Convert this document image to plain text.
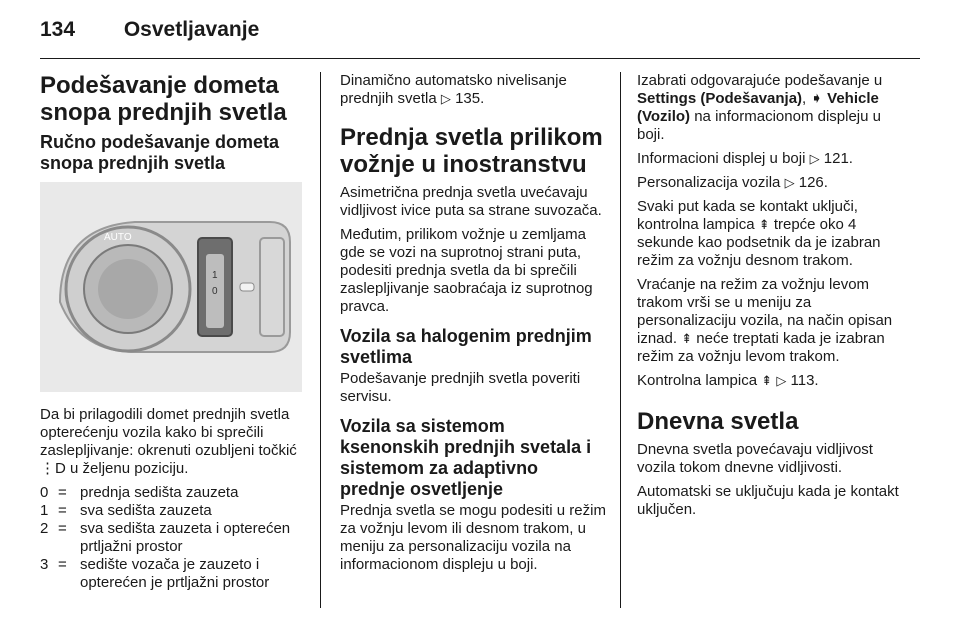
134 Osvetljavanje
Podešavanje dometa snopa prednjih svetla
Ručno podešavanje dometa snopa prednjih svetla
AUTO
1
0

Da bi prilagodili domet prednjih svetla opterećenju vozila kako bi sprečili zaslepljivanje: okrenuti ozubljeni točkić ⋮D u željenu poziciju.

0 = prednja sedišta zauzeta
1 = sva sedišta zauzeta
2 = sva sedišta zauzeta i opterećen prtljažni prostor
3 = sedište vozača je zauzeto i opterećen je prtljažni prostor

Dinamično automatsko nivelisanje prednjih svetla ▷ 135.

Prednja svetla prilikom vožnje u inostranstvu

Asimetrična prednja svetla uvećavaju vidljivost ivice puta sa strane suvozača.

Međutim, prilikom vožnje u zemljama gde se vozi na suprotnoj strani puta, podesiti prednja svetla da bi sprečili zaslepljivanje saobraćaja iz suprotnog pravca.

Vozila sa halogenim prednjim svetlima

Podešavanje prednjih svetla poveriti servisu.

Vozila sa sistemom ksenonskih prednjih svetala i sistemom za adaptivno prednje osvetljenje

Prednja svetla se mogu podesiti u režim za vožnju levom ili desnom trakom, u meniju za personalizaciju vozila na informacionom displeju u boji.

Izabrati odgovarajuće podešavanje u Settings (Podešavanja), ➧ Vehicle (Vozilo) na informacionom displeju u boji.

Informacioni displej u boji ▷ 121.

Personalizacija vozila ▷ 126.

Svaki put kada se kontakt uključi, kontrolna lampica ⇞ trepće oko 4 sekunde kao podsetnik da je izabran režim za vožnju desnom trakom.

Vraćanje na režim za vožnju levom trakom vrši se u meniju za personalizaciju vozila, na način opisan iznad. ⇞ neće treptati kada je izabran režim za vožnju levom trakom.

Kontrolna lampica ⇞ ▷ 113.

Dnevna svetla

Dnevna svetla povećavaju vidljivost vozila tokom dnevne vidljivosti.

Automatski se uključuju kada je kontakt uključen.
